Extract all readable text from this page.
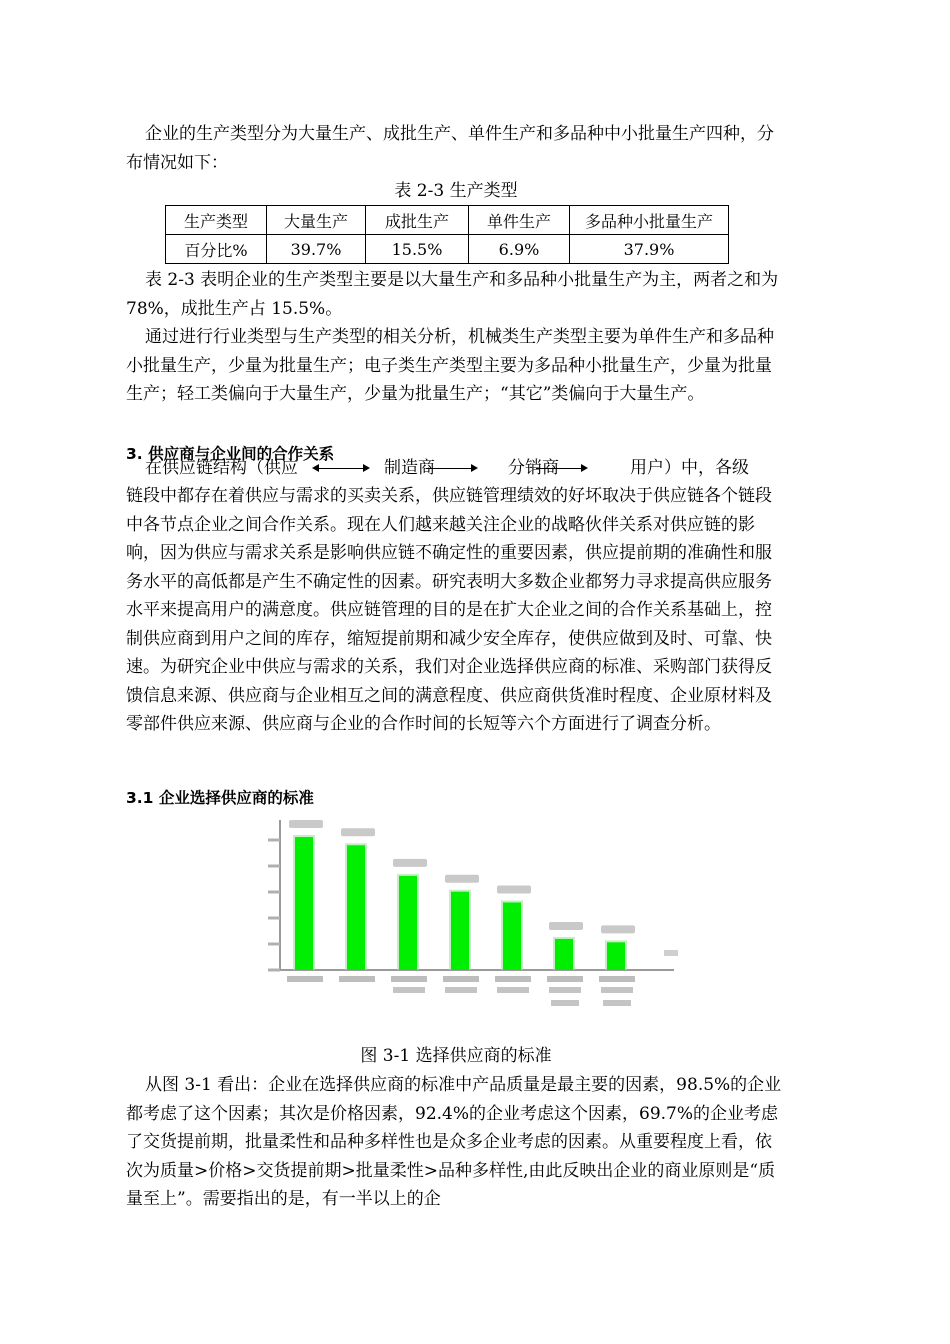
企业的生产类型分为大量生产、成批生产、单件生产和多品种中小批量生产四种，分布情况如下：

表 2-3 生产类型

生产类型	大量生产	成批生产	单件生产	多品种小批量生产
百分比%	39.7%	15.5%	6.9%	37.9%

表 2-3 表明企业的生产类型主要是以大量生产和多品种小批量生产为主，两者之和为 78%，成批生产占 15.5%。

通过进行行业类型与生产类型的相关分析，机械类生产类型主要为单件生产和多品种小批量生产，少量为批量生产；电子类生产类型主要为多品种小批量生产，少量为批量生产；轻工类偏向于大量生产，少量为批量生产；“其它”类偏向于大量生产。

3. 供应商与企业间的合作关系

在供应链结构（供应	制造商	分销商	用户）中，各级

链段中都存在着供应与需求的买卖关系，供应链管理绩效的好坏取决于供应链各个链段中各节点企业之间合作关系。现在人们越来越关注企业的战略伙伴关系对供应链的影响，因为供应与需求关系是影响供应链不确定性的重要因素，供应提前期的准确性和服务水平的高低都是产生不确定性的因素。研究表明大多数企业都努力寻求提高供应服务水平来提高用户的满意度。供应链管理的目的是在扩大企业之间的合作关系基础上，控制供应商到用户之间的库存，缩短提前期和减少安全库存，使供应做到及时、可靠、快速。为研究企业中供应与需求的关系，我们对企业选择供应商的标准、采购部门获得反馈信息来源、供应商与企业相互之间的满意程度、供应商供货准时程度、企业原材料及零部件供应来源、供应商与企业的合作时间的长短等六个方面进行了调查分析。

3.1 企业选择供应商的标准

图 3-1 选择供应商的标准

从图 3-1 看出：企业在选择供应商的标准中产品质量是最主要的因素，98.5%的企业都考虑了这个因素；其次是价格因素，92.4%的企业考虑这个因素，69.7%的企业考虑了交货提前期，批量柔性和品种多样性也是众多企业考虑的因素。从重要程度上看，依次为质量>价格>交货提前期>批量柔性>品种多样性,由此反映出企业的商业原则是“质量至上”。需要指出的是，有一半以上的企
